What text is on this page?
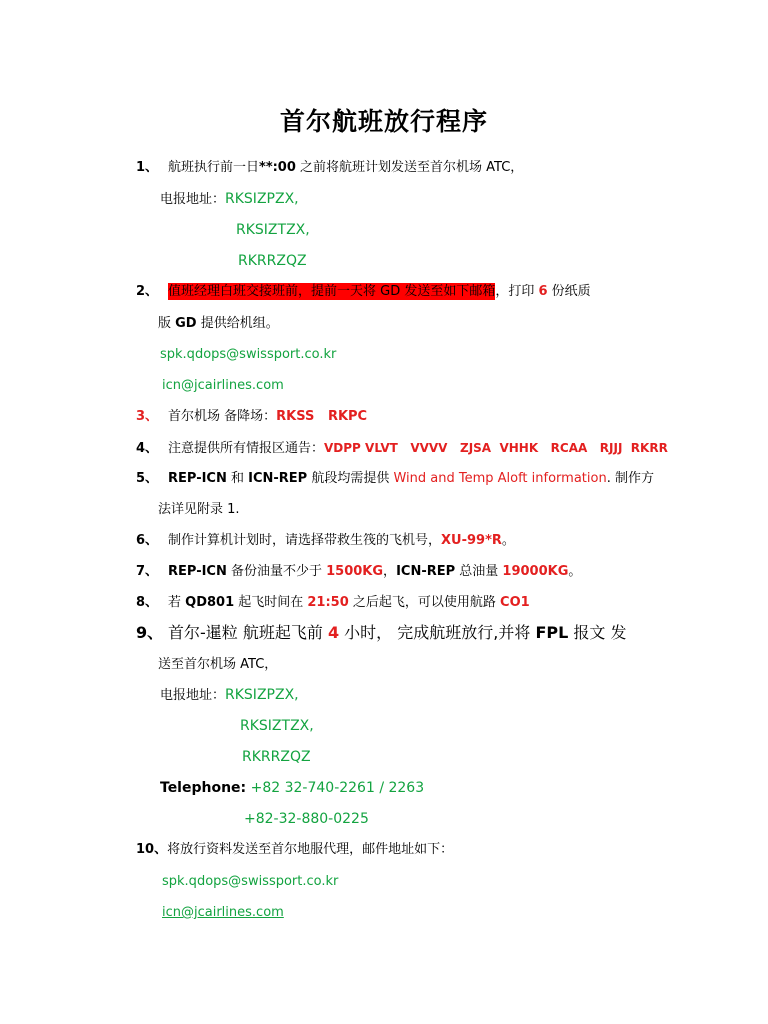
首尔航班放行程序
1、 航班执行前一日**:00 之前将航班计划发送至首尔机场 ATC，
电报地址：RKSIZPZX,
RKSIZTZX,
RKRRZQZ
2、 值班经理白班交接班前，提前一天将 GD 发送至如下邮箱，打印 6 份纸质
版 GD 提供给机组。
spk.qdops@swissport.co.kr
icn@jcairlines.com
3、 首尔机场 备降场：RKSS   RKPC
4、 注意提供所有情报区通告：VDPP VLVT   VVVV   ZJSA  VHHK   RCAA   RJJJ  RKRR
5、 REP-ICN 和 ICN-REP 航段均需提供 Wind and Temp Aloft information. 制作方
法详见附录 1.
6、 制作计算机计划时，请选择带救生筏的飞机号，XU-99*R。
7、 REP-ICN 备份油量不少于 1500KG，ICN-REP 总油量 19000KG。
8、 若 QD801 起飞时间在 21:50 之后起飞，可以使用航路 CO1
9、 首尔-暹粒 航班起飞前 4 小时， 完成航班放行,并将 FPL 报文 发
送至首尔机场 ATC，
电报地址：RKSIZPZX,
RKSIZTZX,
RKRRZQZ
Telephone: +82 32-740-2261 / 2263
+82-32-880-0225
10、将放行资料发送至首尔地服代理，邮件地址如下：
spk.qdops@swissport.co.kr
icn@jcairlines.com
